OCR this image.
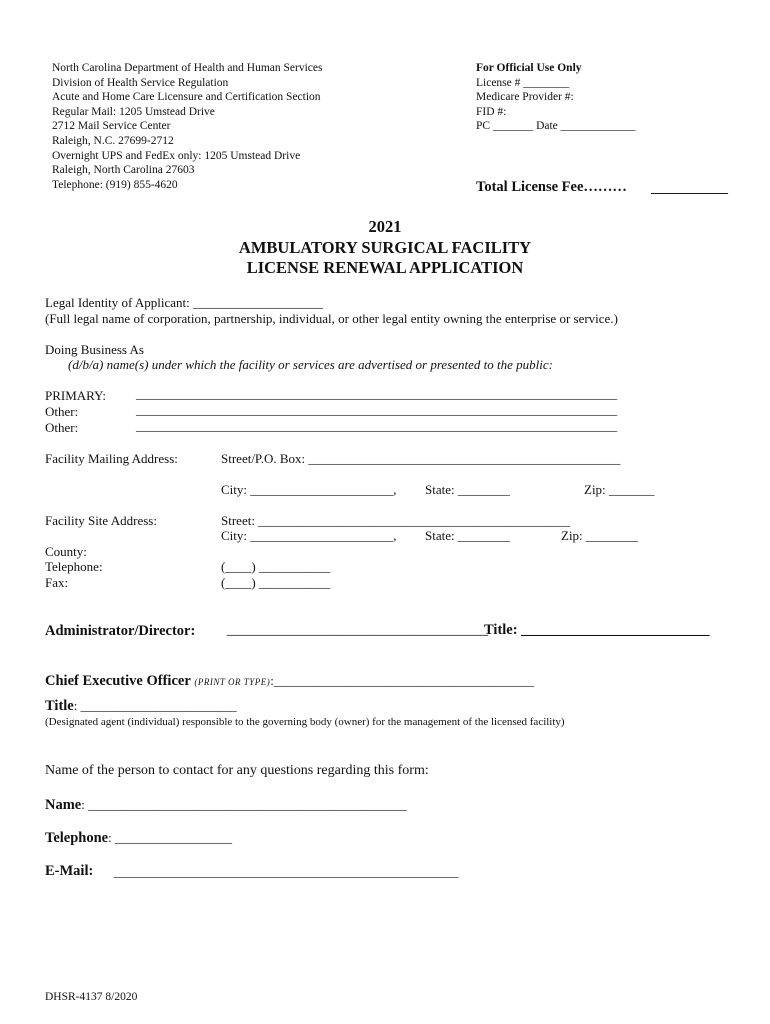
North Carolina Department of Health and Human Services
Division of Health Service Regulation
Acute and Home Care Licensure and Certification Section
Regular Mail: 1205 Umstead Drive
2712 Mail Service Center
Raleigh, N.C. 27699-2712
Overnight UPS and FedEx only: 1205 Umstead Drive
Raleigh, North Carolina 27603
Telephone: (919) 855-4620
For Official Use Only
License # ________
Medicare Provider #:
FID #:
PC _______ Date _____________
Total License Fee……… ___________
2021
AMBULATORY SURGICAL FACILITY
LICENSE RENEWAL APPLICATION
Legal Identity of Applicant: ____________________
(Full legal name of corporation, partnership, individual, or other legal entity owning the enterprise or service.)
Doing Business As
(d/b/a) name(s) under which the facility or services are advertised or presented to the public:
PRIMARY: __________________________________________________________________________
Other:	__________________________________________________________________________
Other:	__________________________________________________________________________
Facility Mailing Address:	Street/P.O. Box: ________________________________________________
City: ______________________, State: ________	Zip: _______
Facility Site Address:	Street: ________________________________________________
City: ______________________, State: ________	Zip: ________
County:
Telephone:	(____) ___________
Fax:	(____) ___________
Administrator/Director: ____________________________________
Title: __________________________
Chief Executive Officer (PRINT OR TYPE):________________________________________
Title: ________________________
(Designated agent (individual) responsible to the governing body (owner) for the management of the licensed facility)
Name of the person to contact for any questions regarding this form:
Name: _________________________________________________
Telephone: __________________
E-Mail: _____________________________________________________
DHSR-4137 8/2020
